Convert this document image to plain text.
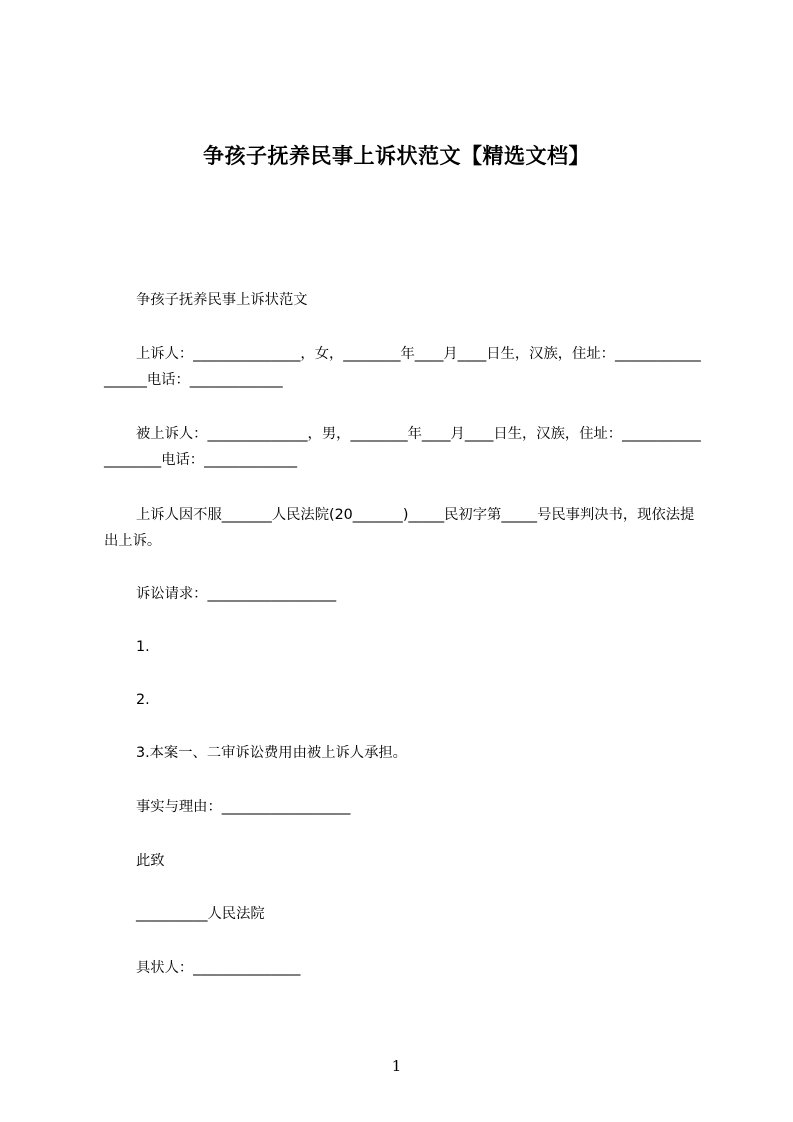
争孩子抚养民事上诉状范文【精选文档】
争孩子抚养民事上诉状范文
上诉人：_______________，女，________年____月____日生，汉族，住址：__________________电话：_____________
被上诉人：______________，男，________年____月____日生，汉族，住址：___________________电话：_____________
上诉人因不服_______人民法院(20_______)_____民初字第_____号民事判决书，现依法提出上诉。
诉讼请求：__________________
1.
2.
3.本案一、二审诉讼费用由被上诉人承担。
事实与理由：__________________
此致
__________人民法院
具状人：_______________
1
